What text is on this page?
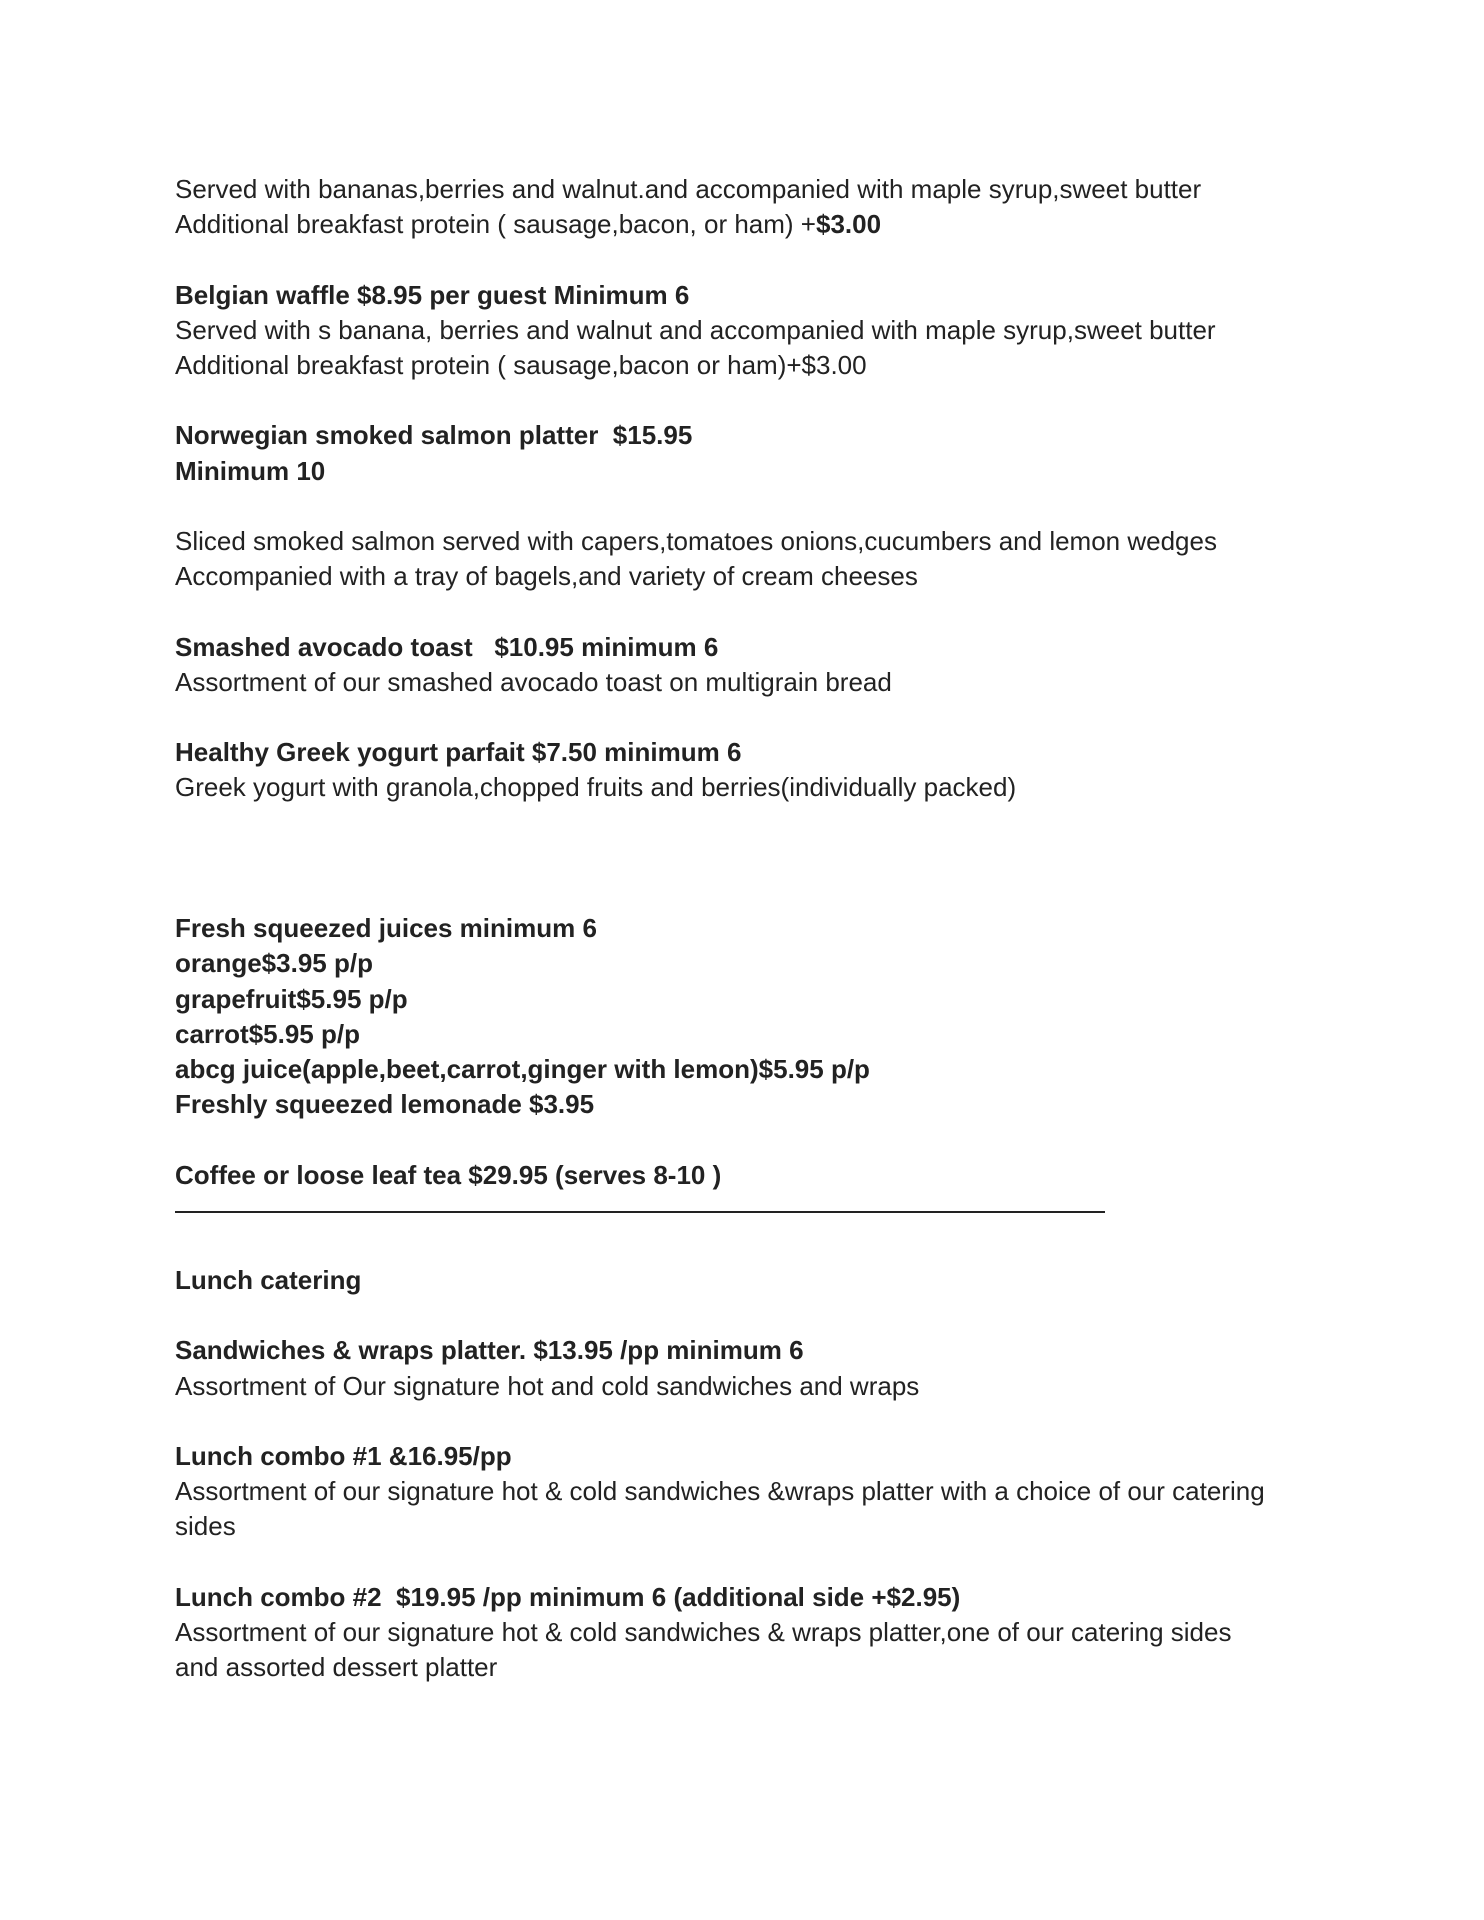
Served with bananas,berries and walnut.and accompanied with maple syrup,sweet butter

Additional breakfast protein ( sausage,bacon, or ham) +$3.00

Belgian waffle $8.95 per guest Minimum 6

Served with s banana, berries and walnut and accompanied with maple syrup,sweet butter

Additional breakfast protein ( sausage,bacon or ham)+$3.00

Norwegian smoked salmon platter  $15.95

Minimum 10

Sliced smoked salmon served with capers,tomatoes onions,cucumbers and lemon wedges

Accompanied with a tray of bagels,and variety of cream cheeses

Smashed avocado toast   $10.95 minimum 6

Assortment of our smashed avocado toast on multigrain bread

Healthy Greek yogurt parfait $7.50 minimum 6

Greek yogurt with granola,chopped fruits and berries(individually packed)

Fresh squeezed juices minimum 6

orange$3.95 p/p

grapefruit$5.95 p/p

carrot$5.95 p/p

abcg juice(apple,beet,carrot,ginger with lemon)$5.95 p/p

Freshly squeezed lemonade $3.95

Coffee or loose leaf tea $29.95 (serves 8-10 )

Lunch catering

Sandwiches & wraps platter. $13.95 /pp minimum 6

Assortment of Our signature hot and cold sandwiches and wraps

Lunch combo #1 &16.95/pp

Assortment of our signature hot & cold sandwiches &wraps platter with a choice of our catering

sides

Lunch combo #2  $19.95 /pp minimum 6 (additional side +$2.95)

Assortment of our signature hot & cold sandwiches & wraps platter,one of our catering sides

and assorted dessert platter
